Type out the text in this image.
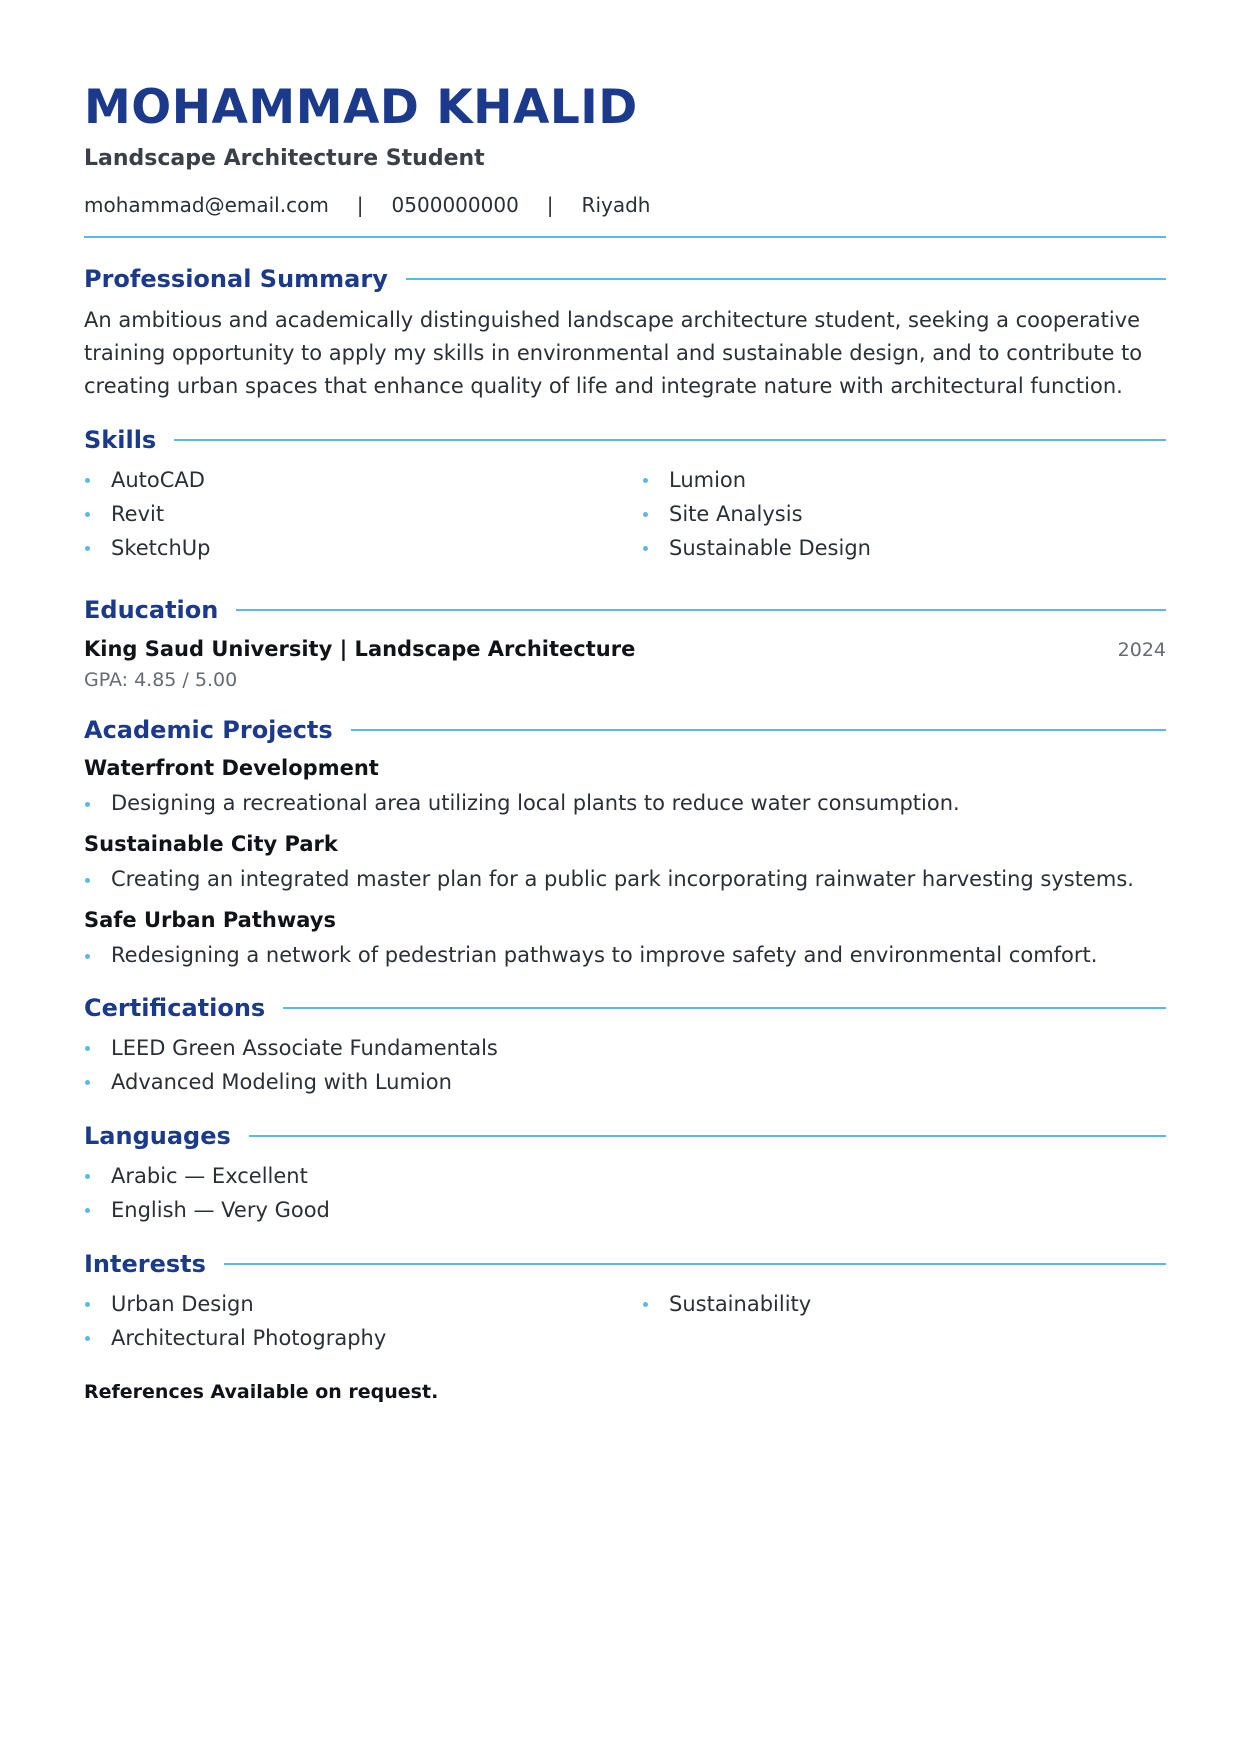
MOHAMMAD KHALID
Landscape Architecture Student
mohammad@email.com | 0500000000 | Riyadh
Professional Summary
An ambitious and academically distinguished landscape architecture student, seeking a cooperative training opportunity to apply my skills in environmental and sustainable design, and to contribute to creating urban spaces that enhance quality of life and integrate nature with architectural function.
Skills
AutoCAD
Revit
SketchUp
Lumion
Site Analysis
Sustainable Design
Education
King Saud University | Landscape Architecture	2024
GPA: 4.85 / 5.00
Academic Projects
Waterfront Development
Designing a recreational area utilizing local plants to reduce water consumption.
Sustainable City Park
Creating an integrated master plan for a public park incorporating rainwater harvesting systems.
Safe Urban Pathways
Redesigning a network of pedestrian pathways to improve safety and environmental comfort.
Certifications
LEED Green Associate Fundamentals
Advanced Modeling with Lumion
Languages
Arabic — Excellent
English — Very Good
Interests
Urban Design
Architectural Photography
Sustainability
References Available on request.
